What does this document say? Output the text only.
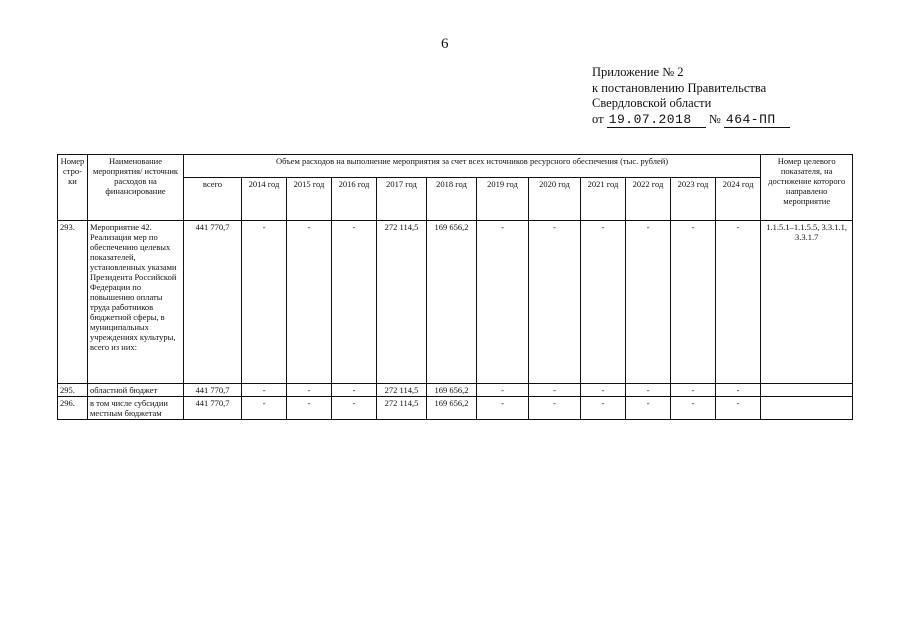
6
Приложение № 2
к постановлению Правительства
Свердловской области
от 19.07.2018 № 464-ПП
Номер стро- ки	Наименование мероприятия/ источник расходов на финансирование	Объем расходов на выполнение мероприятия за счет всех источников ресурсного обеспечения (тыс. рублей)												Номер целевого показателя, на достижение которого направлено мероприятие
		всего	2014 год	2015 год	2016 год	2017 год	2018 год	2019 год	2020 год	2021 год	2022 год	2023 год	2024 год	
293.	Мероприятие 42. Реализация мер по обеспечению целевых показателей, установленных указами Президента Российской Федерации по повышению оплаты труда работников бюджетной сферы, в муниципальных учреждениях культуры, всего из них:	441 770,7	-	-	-	272 114,5	169 656,2	-	-	-	-	-	-	1.1.5.1–1.1.5.5, 3.3.1.1, 3.3.1.7
295.	областной бюджет	441 770,7	-	-	-	272 114,5	169 656,2	-	-	-	-	-	-	
296.	в том числе субсидии местным бюджетам	441 770,7	-	-	-	272 114,5	169 656,2	-	-	-	-	-	-	
